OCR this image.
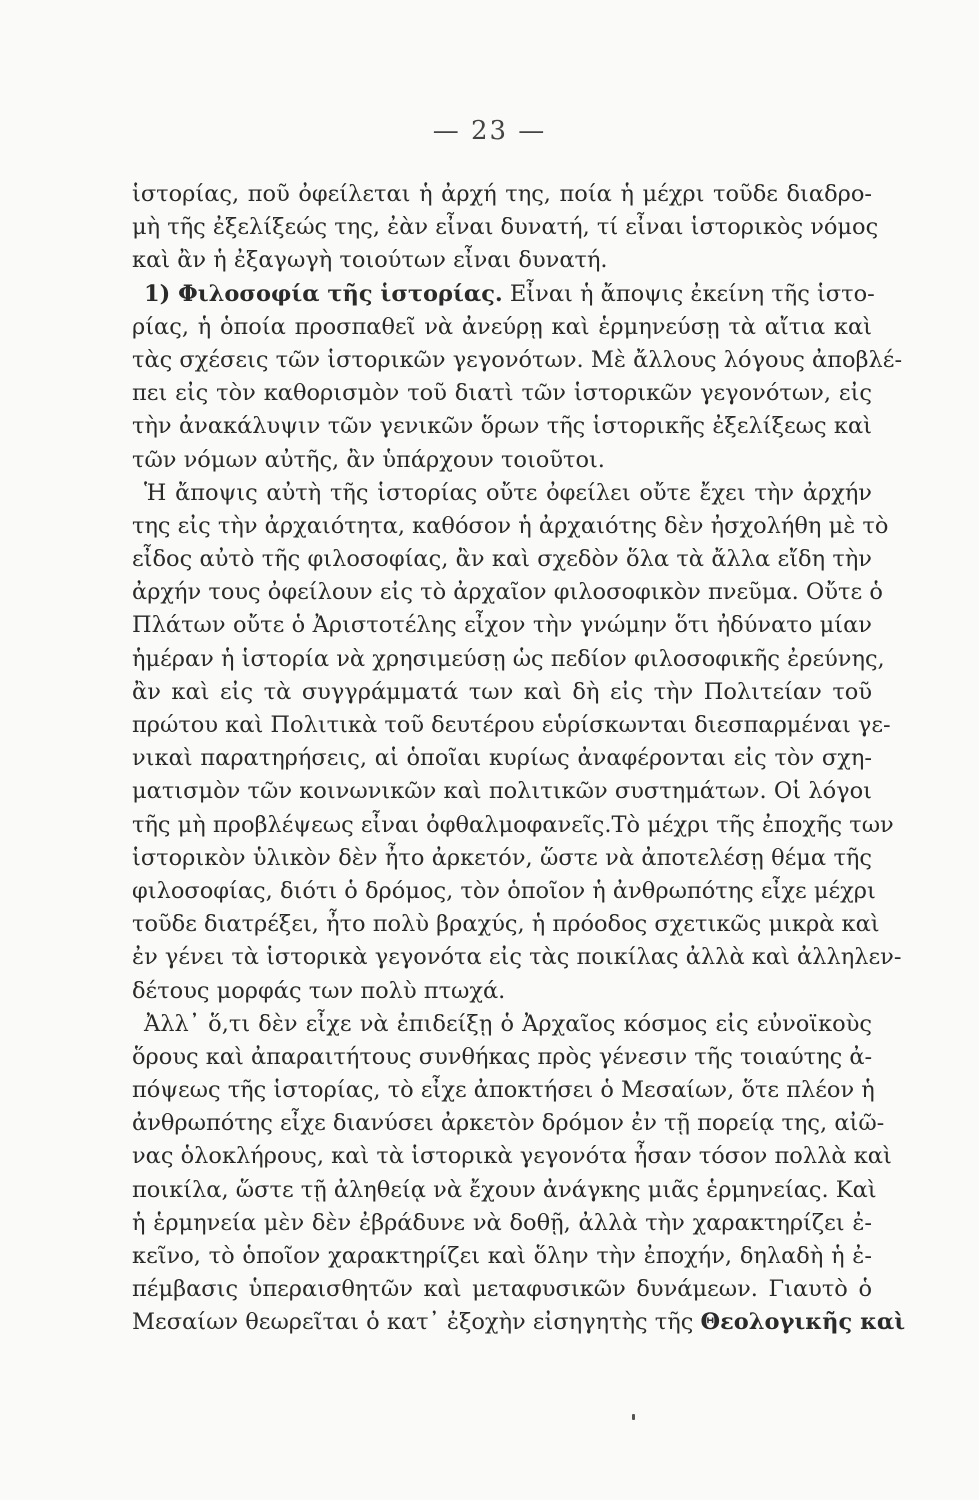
— 23 —
ἱστορίας, ποῦ ὀφείλεται ἡ ἀρχή της, ποία ἡ μέχρι τοῦδε διαδρο-
μὴ τῆς ἐξελίξεώς της, ἐὰν εἶναι δυνατή, τί εἶναι ἱστορικὸς νόμος
καὶ ἂν ἡ ἐξαγωγὴ τοιούτων εἶναι δυνατή.
1) Φιλοσοφία τῆς ἱστορίας. Εἶναι ἡ ἄποψις ἐκείνη τῆς ἱστο-
ρίας, ἡ ὁποία προσπαθεῖ νὰ ἀνεύρῃ καὶ ἑρμηνεύσῃ τὰ αἴτια καὶ
τὰς σχέσεις τῶν ἱστορικῶν γεγονότων. Μὲ ἄλλους λόγους ἀποβλέ-
πει εἰς τὸν καθορισμὸν τοῦ διατὶ τῶν ἱστορικῶν γεγονότων, εἰς
τὴν ἀνακάλυψιν τῶν γενικῶν ὅρων τῆς ἱστορικῆς ἐξελίξεως καὶ
τῶν νόμων αὐτῆς, ἂν ὑπάρχουν τοιοῦτοι.
Ἡ ἄποψις αὐτὴ τῆς ἱστορίας οὔτε ὀφείλει οὔτε ἔχει τὴν ἀρχήν
της εἰς τὴν ἀρχαιότητα, καθόσον ἡ ἀρχαιότης δὲν ἠσχολήθη μὲ τὸ
εἶδος αὐτὸ τῆς φιλοσοφίας, ἂν καὶ σχεδὸν ὅλα τὰ ἄλλα εἴδη τὴν
ἀρχήν τους ὀφείλουν εἰς τὸ ἀρχαῖον φιλοσοφικὸν πνεῦμα. Οὔτε ὁ
Πλάτων οὔτε ὁ Ἀριστοτέλης εἶχον τὴν γνώμην ὅτι ἠδύνατο μίαν
ἡμέραν ἡ ἱστορία νὰ χρησιμεύσῃ ὡς πεδίον φιλοσοφικῆς ἐρεύνης,
ἂν καὶ εἰς τὰ συγγράμματά των καὶ δὴ εἰς τὴν Πολιτείαν τοῦ
πρώτου καὶ Πολιτικὰ τοῦ δευτέρου εὑρίσκωνται διεσπαρμέναι γε-
νικαὶ παρατηρήσεις, αἱ ὁποῖαι κυρίως ἀναφέρονται εἰς τὸν σχη-
ματισμὸν τῶν κοινωνικῶν καὶ πολιτικῶν συστημάτων. Οἱ λόγοι
τῆς μὴ προβλέψεως εἶναι ὀφθαλμοφανεῖς.Τὸ μέχρι τῆς ἐποχῆς των
ἱστορικὸν ὑλικὸν δὲν ἦτο ἀρκετόν, ὥστε νὰ ἀποτελέσῃ θέμα τῆς
φιλοσοφίας, διότι ὁ δρόμος, τὸν ὁποῖον ἡ ἀνθρωπότης εἶχε μέχρι
τοῦδε διατρέξει, ἦτο πολὺ βραχύς, ἡ πρόοδος σχετικῶς μικρὰ καὶ
ἐν γένει τὰ ἱστορικὰ γεγονότα εἰς τὰς ποικίλας ἀλλὰ καὶ ἀλληλεν-
δέτους μορφάς των πολὺ πτωχά.
Ἀλλ᾽ ὅ,τι δὲν εἶχε νὰ ἐπιδείξῃ ὁ Ἀρχαῖος κόσμος εἰς εὐνοϊκοὺς
ὅρους καὶ ἀπαραιτήτους συνθήκας πρὸς γένεσιν τῆς τοιαύτης ἀ-
πόψεως τῆς ἱστορίας, τὸ εἶχε ἀποκτήσει ὁ Μεσαίων, ὅτε πλέον ἡ
ἀνθρωπότης εἶχε διανύσει ἀρκετὸν δρόμον ἐν τῇ πορείᾳ της, αἰῶ-
νας ὁλοκλήρους, καὶ τὰ ἱστορικὰ γεγονότα ἦσαν τόσον πολλὰ καὶ
ποικίλα, ὥστε τῇ ἀληθείᾳ νὰ ἔχουν ἀνάγκης μιᾶς ἑρμηνείας. Καὶ
ἡ ἑρμηνεία μὲν δὲν ἐβράδυνε νὰ δοθῇ, ἀλλὰ τὴν χαρακτηρίζει ἐ-
κεῖνο, τὸ ὁποῖον χαρακτηρίζει καὶ ὅλην τὴν ἐποχήν, δηλαδὴ ἡ ἐ-
πέμβασις ὑπεραισθητῶν καὶ μεταφυσικῶν δυνάμεων. Γιαυτὸ ὁ
Μεσαίων θεωρεῖται ὁ κατ᾽ ἐξοχὴν εἰσηγητὴς τῆς Θεολογικῆς καὶ
